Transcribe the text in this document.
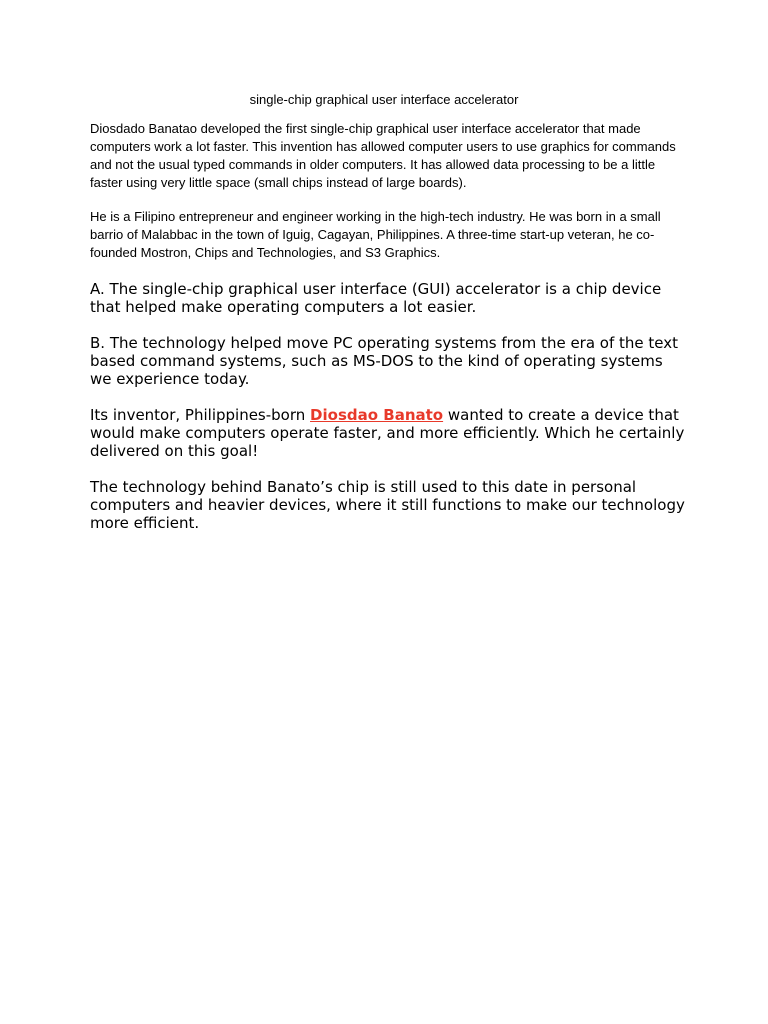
single-chip graphical user interface accelerator

Diosdado Banatao developed the first single-chip graphical user interface accelerator that made computers work a lot faster. This invention has allowed computer users to use graphics for commands and not the usual typed commands in older computers. It has allowed data processing to be a little faster using very little space (small chips instead of large boards).

He is a Filipino entrepreneur and engineer working in the high-tech industry. He was born in a small barrio of Malabbac in the town of Iguig, Cagayan, Philippines. A three-time start-up veteran, he co-founded Mostron, Chips and Technologies, and S3 Graphics.

A. The single-chip graphical user interface (GUI) accelerator is a chip device that helped make operating computers a lot easier.

B. The technology helped move PC operating systems from the era of the text based command systems, such as MS-DOS to the kind of operating systems we experience today.

Its inventor, Philippines-born Diosdao Banato wanted to create a device that would make computers operate faster, and more efficiently. Which he certainly delivered on this goal!

The technology behind Banato’s chip is still used to this date in personal computers and heavier devices, where it still functions to make our technology more efficient.
